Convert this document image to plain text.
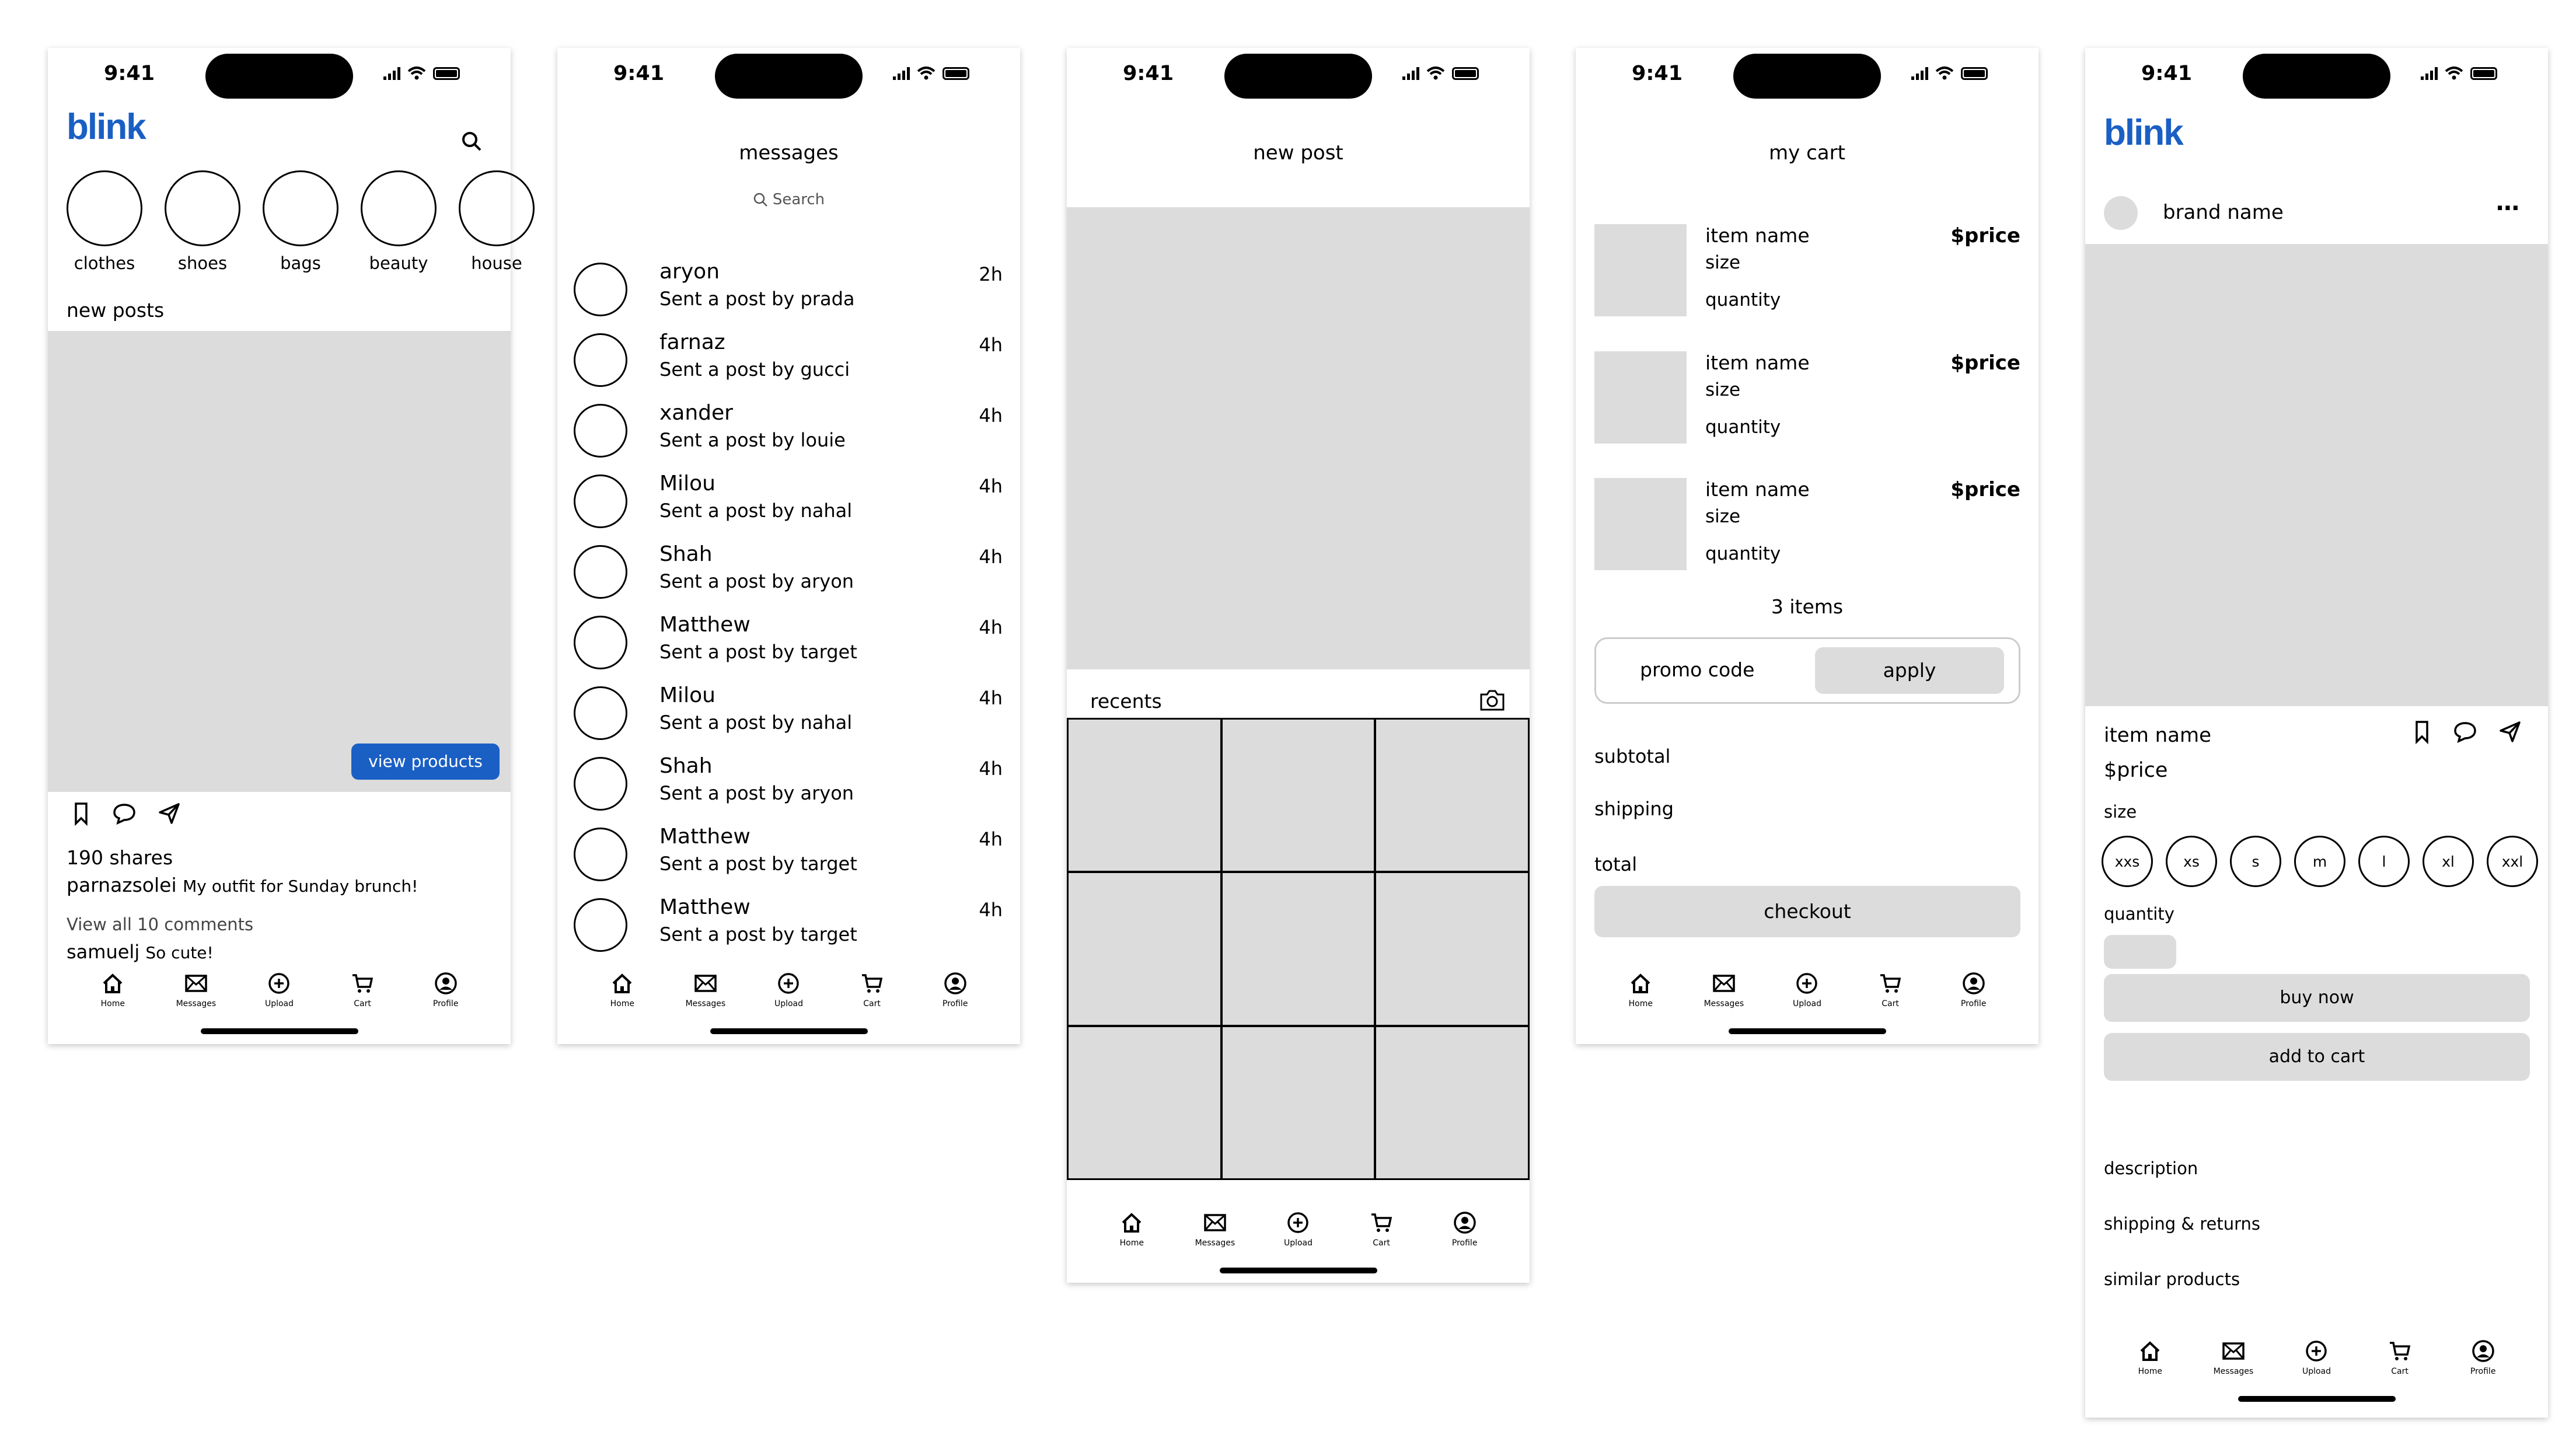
9:41
blink
clothes	shoes	bags	beauty	house
new posts
view products
190 shares
parnazsolei My outfit for Sunday brunch!
View all 10 comments
samuelj So cute!
Home	Messages	Upload	Cart	Profile
9:41
messages
Search
aryon
Sent a post by prada
2h
farnaz
Sent a post by gucci
4h
xander
Sent a post by louie
4h
Milou
Sent a post by nahal
4h
Shah
Sent a post by aryon
4h
Matthew
Sent a post by target
4h
Milou
Sent a post by nahal
4h
Shah
Sent a post by aryon
4h
Matthew
Sent a post by target
4h
Matthew
Sent a post by target
4h
Home	Messages	Upload	Cart	Profile
9:41
new post
recents
Home	Messages	Upload	Cart	Profile
9:41
my cart
item name
size
quantity
$price
item name
size
quantity
$price
item name
size
quantity
$price
3 items
promo code	apply
subtotal
shipping
total
checkout
Home	Messages	Upload	Cart	Profile
9:41
blink
brand name	⋯
item name
$price
size
xxs	xs	s	m	l	xl	xxl
quantity
buy now
add to cart
description
shipping & returns
similar products
Home	Messages	Upload	Cart	Profile
